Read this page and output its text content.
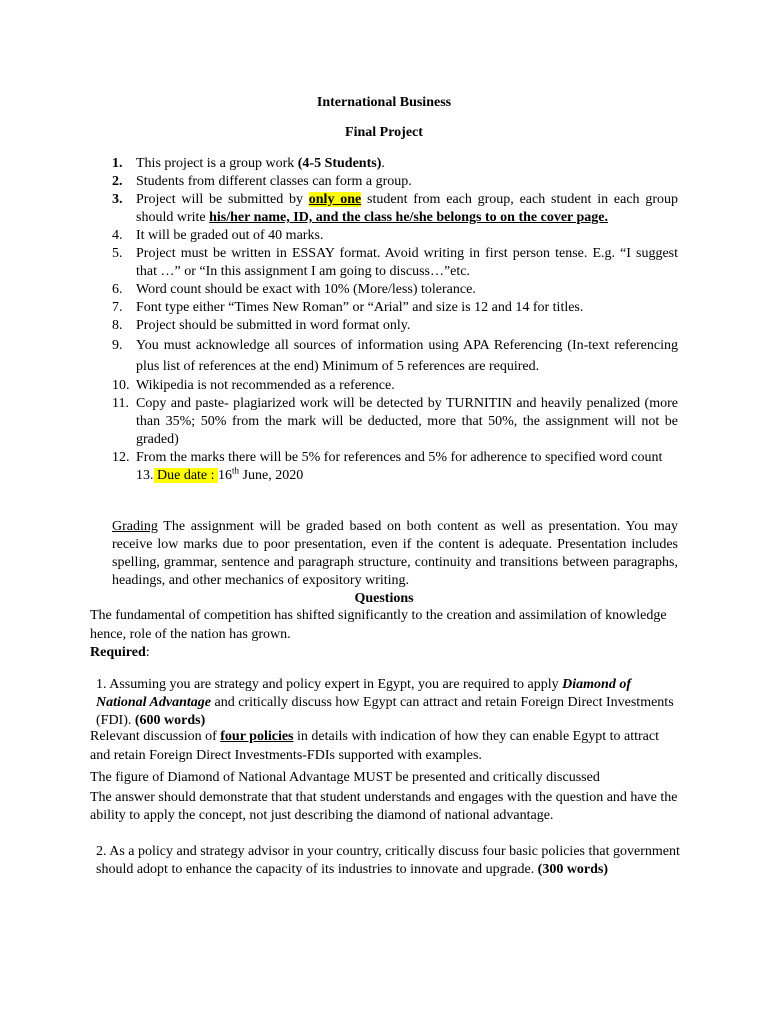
International Business
Final Project
1. This project is a group work (4-5 Students).
2. Students from different classes can form a group.
3. Project will be submitted by only one student from each group, each student in each group should write his/her name, ID, and the class he/she belongs to on the cover page.
4. It will be graded out of 40 marks.
5. Project must be written in ESSAY format. Avoid writing in first person tense. E.g. “I suggest that …” or “In this assignment I am going to discuss…”etc.
6. Word count should be exact with 10% (More/less) tolerance.
7. Font type either “Times New Roman” or “Arial” and size is 12 and 14 for titles.
8. Project should be submitted in word format only.
9. You must acknowledge all sources of information using APA Referencing (In-text referencing plus list of references at the end) Minimum of 5 references are required.
10. Wikipedia is not recommended as a reference.
11. Copy and paste- plagiarized work will be detected by TURNITIN and heavily penalized (more than 35%; 50% from the mark will be deducted, more that 50%, the assignment will not be graded)
12. From the marks there will be 5% for references and 5% for adherence to specified word count
13. Due date : 16th June, 2020
Grading The assignment will be graded based on both content as well as presentation. You may receive low marks due to poor presentation, even if the content is adequate. Presentation includes spelling, grammar, sentence and paragraph structure, continuity and transitions between paragraphs, headings, and other mechanics of expository writing.
Questions
The fundamental of competition has shifted significantly to the creation and assimilation of knowledge hence, role of the nation has grown.
Required:
1. Assuming you are strategy and policy expert in Egypt, you are required to apply Diamond of National Advantage and critically discuss how Egypt can attract and retain Foreign Direct Investments (FDI). (600 words)
Relevant discussion of four policies in details with indication of how they can enable Egypt to attract and retain Foreign Direct Investments-FDIs supported with examples.
The figure of Diamond of National Advantage MUST be presented and critically discussed
The answer should demonstrate that that student understands and engages with the question and have the ability to apply the concept, not just describing the diamond of national advantage.
2. As a policy and strategy advisor in your country, critically discuss four basic policies that government should adopt to enhance the capacity of its industries to innovate and upgrade. (300 words)
